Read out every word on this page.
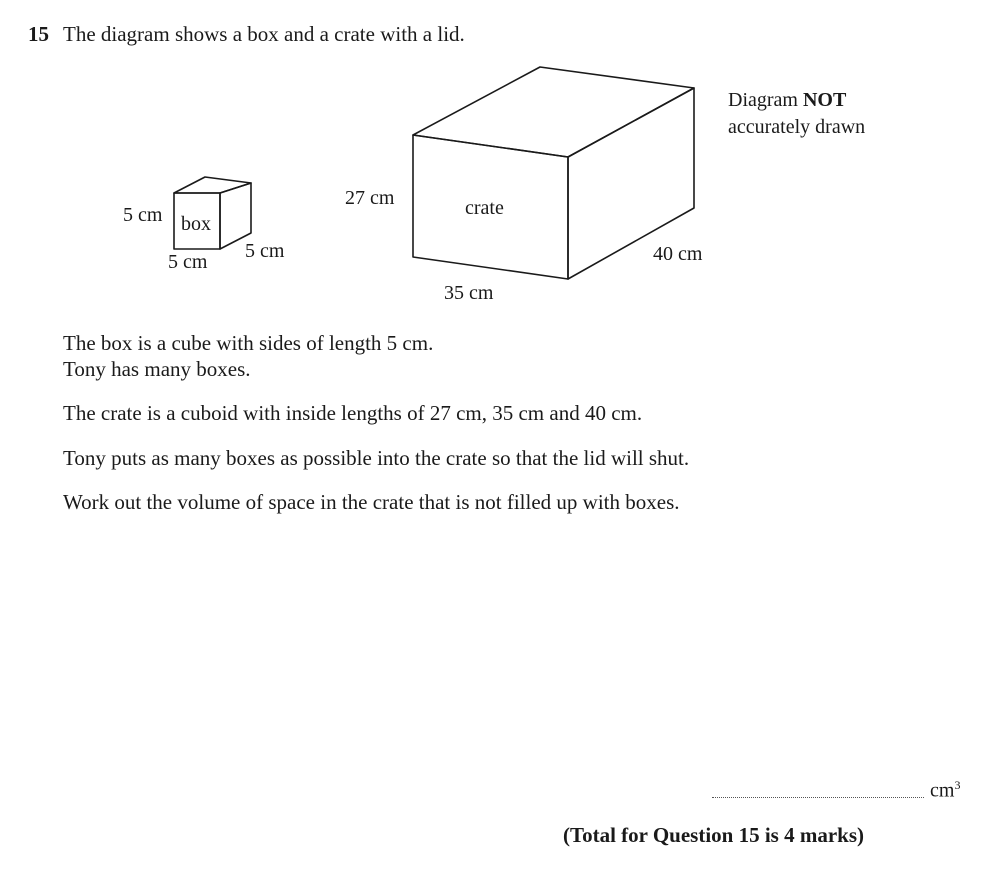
15 The diagram shows a box and a crate with a lid.
box
5 cm
5 cm 5 cm
crate
27 cm
35 cm
40 cm
Diagram NOT
accurately drawn
The box is a cube with sides of length 5 cm.
Tony has many boxes.
The crate is a cuboid with inside lengths of 27 cm, 35 cm and 40 cm.
Tony puts as many boxes as possible into the crate so that the lid will shut.
Work out the volume of space in the crate that is not filled up with boxes.
$cm^3$
(Total for Question 15 is 4 marks)
